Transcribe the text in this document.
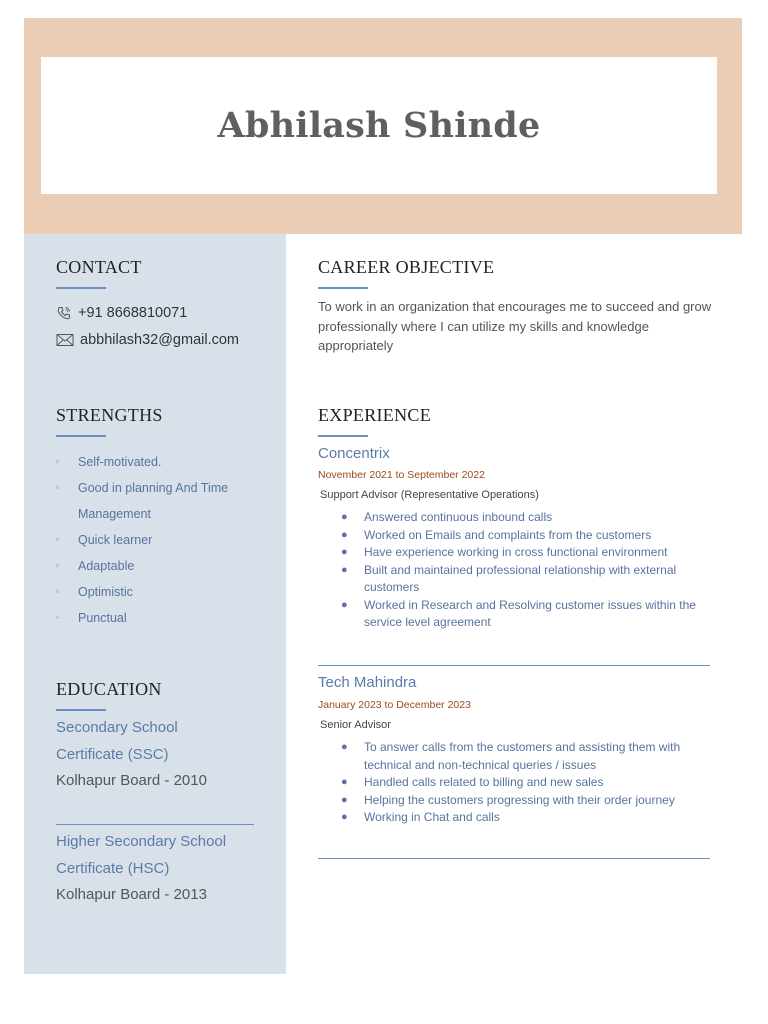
Abhilash Shinde
CONTACT
+91 8668810071
abbhilash32@gmail.com
STRENGTHS
▫	Self-motivated.
▫	Good in planning And Time Management
▫	Quick learner
▫	Adaptable
▫	Optimistic
◦	Punctual
EDUCATION
Secondary School Certificate (SSC)
Kolhapur Board - 2010
Higher Secondary School Certificate (HSC)
Kolhapur Board - 2013
CAREER OBJECTIVE
To work in an organization that encourages me to succeed and grow professionally where I can utilize my skills and knowledge appropriately
EXPERIENCE
Concentrix
November 2021 to September 2022
Support Advisor (Representative Operations)
●	Answered continuous inbound calls
●	Worked on Emails and complaints from the customers
●	Have experience working in cross functional environment
●	Built and maintained professional relationship with external customers
●	Worked in Research and Resolving customer issues within the service level agreement
Tech Mahindra
January 2023 to December 2023
Senior Advisor
●	To answer calls from the customers and assisting them with technical and non-technical queries / issues
●	Handled calls related to billing and new sales
●	Helping the customers progressing with their order journey
●	Working in Chat and calls
